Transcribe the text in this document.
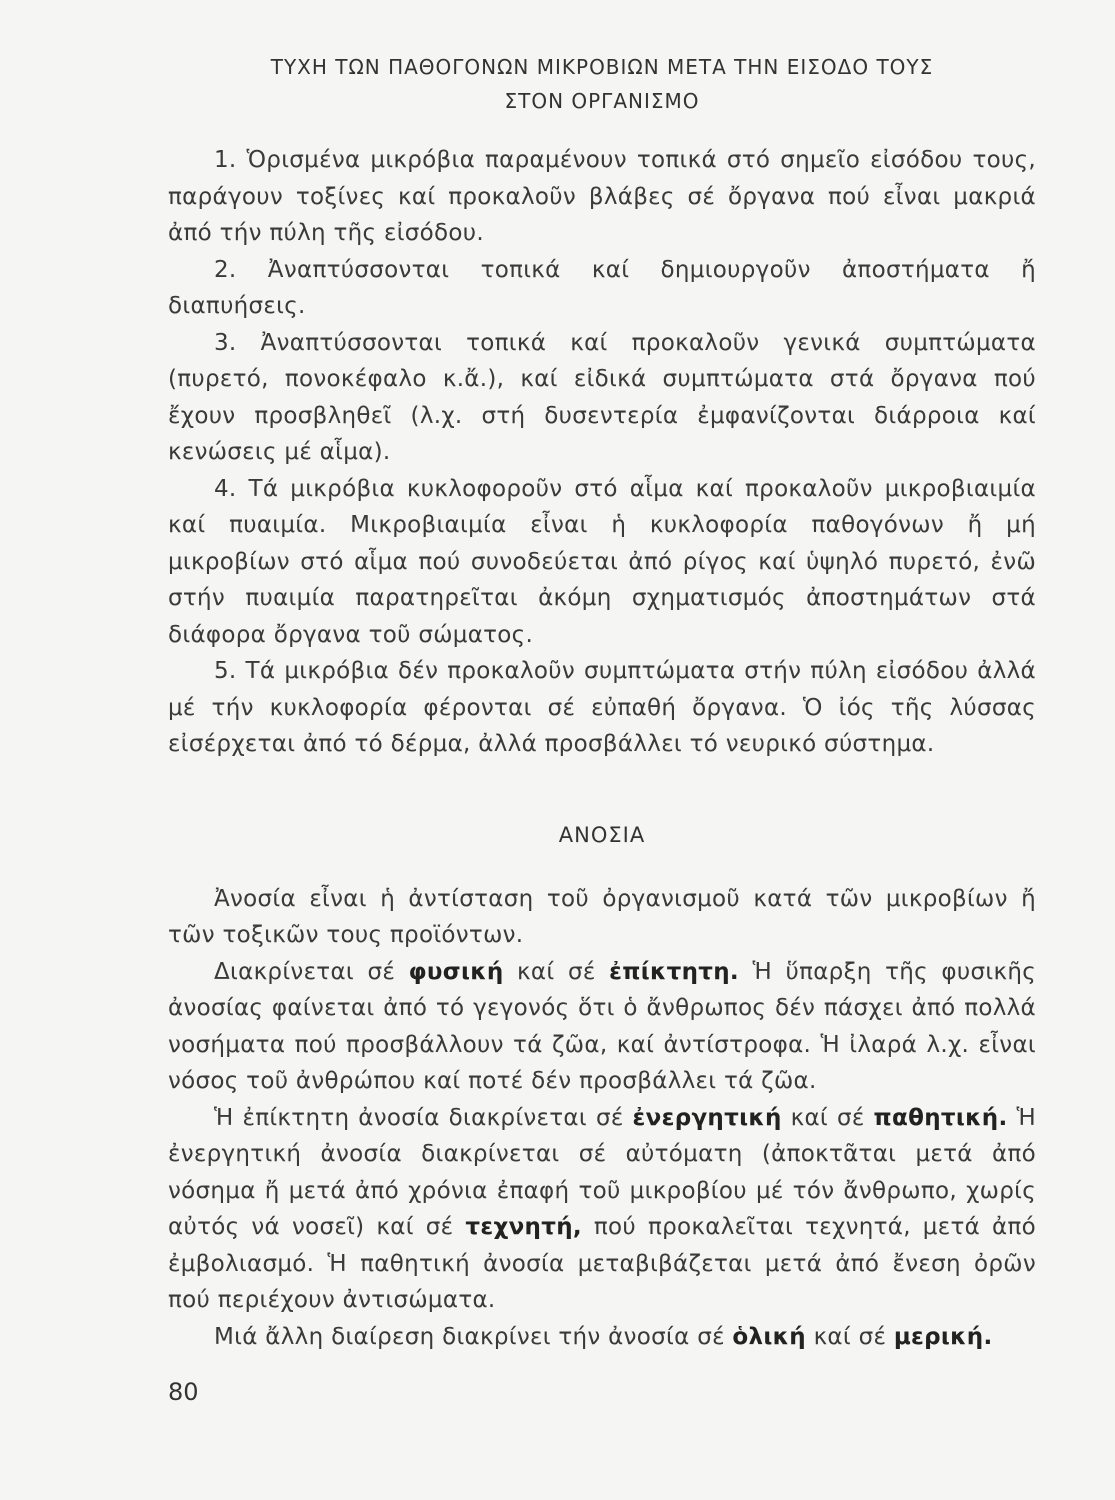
ΤΥΧΗ ΤΩΝ ΠΑΘΟΓΟΝΩΝ ΜΙΚΡΟΒΙΩΝ ΜΕΤΑ ΤΗΝ ΕΙΣΟΔΟ ΤΟΥΣ
ΣΤΟΝ ΟΡΓΑΝΙΣΜΟ

1. Ὁρισμένα μικρόβια παραμένουν τοπικά στό σημεῖο εἰσόδου τους, παράγουν τοξίνες καί προκαλοῦν βλάβες σέ ὄργανα πού εἶναι μακριά ἀπό τήν πύλη τῆς εἰσόδου.

2. Ἀναπτύσσονται τοπικά καί δημιουργοῦν ἀποστήματα ἤ διαπυήσεις.

3. Ἀναπτύσσονται τοπικά καί προκαλοῦν γενικά συμπτώματα (πυρετό, πονοκέφαλο κ.ἄ.), καί εἰδικά συμπτώματα στά ὄργανα πού ἔχουν προσβληθεῖ (λ.χ. στή δυσεντερία ἐμφανίζονται διάρροια καί κενώσεις μέ αἷμα).

4. Τά μικρόβια κυκλοφοροῦν στό αἷμα καί προκαλοῦν μικροβιαιμία καί πυαιμία. Μικροβιαιμία εἶναι ἡ κυκλοφορία παθογόνων ἤ μή μικροβίων στό αἷμα πού συνοδεύεται ἀπό ρίγος καί ὑψηλό πυρετό, ἐνῶ στήν πυαιμία παρατηρεῖται ἀκόμη σχηματισμός ἀποστημάτων στά διάφορα ὄργανα τοῦ σώματος.

5. Τά μικρόβια δέν προκαλοῦν συμπτώματα στήν πύλη εἰσόδου ἀλλά μέ τήν κυκλοφορία φέρονται σέ εὐπαθή ὄργανα. Ὁ ἰός τῆς λύσσας εἰσέρχεται ἀπό τό δέρμα, ἀλλά προσβάλλει τό νευρικό σύστημα.

ΑΝΟΣΙΑ

Ἀνοσία εἶναι ἡ ἀντίσταση τοῦ ὀργανισμοῦ κατά τῶν μικροβίων ἤ τῶν τοξικῶν τους προϊόντων.

Διακρίνεται σέ φυσική καί σέ ἐπίκτητη. Ἡ ὕπαρξη τῆς φυσικῆς ἀνοσίας φαίνεται ἀπό τό γεγονός ὅτι ὁ ἄνθρωπος δέν πάσχει ἀπό πολλά νοσήματα πού προσβάλλουν τά ζῶα, καί ἀντίστροφα. Ἡ ἰλαρά λ.χ. εἶναι νόσος τοῦ ἀνθρώπου καί ποτέ δέν προσβάλλει τά ζῶα.

Ἡ ἐπίκτητη ἀνοσία διακρίνεται σέ ἐνεργητική καί σέ παθητική. Ἡ ἐνεργητική ἀνοσία διακρίνεται σέ αὐτόματη (ἀποκτᾶται μετά ἀπό νόσημα ἤ μετά ἀπό χρόνια ἐπαφή τοῦ μικροβίου μέ τόν ἄνθρωπο, χωρίς αὐτός νά νοσεῖ) καί σέ τεχνητή, πού προκαλεῖται τεχνητά, μετά ἀπό ἐμβολιασμό. Ἡ παθητική ἀνοσία μεταβιβάζεται μετά ἀπό ἔνεση ὀρῶν πού περιέχουν ἀντισώματα.

Μιά ἄλλη διαίρεση διακρίνει τήν ἀνοσία σέ ὁλική καί σέ μερική.

80
